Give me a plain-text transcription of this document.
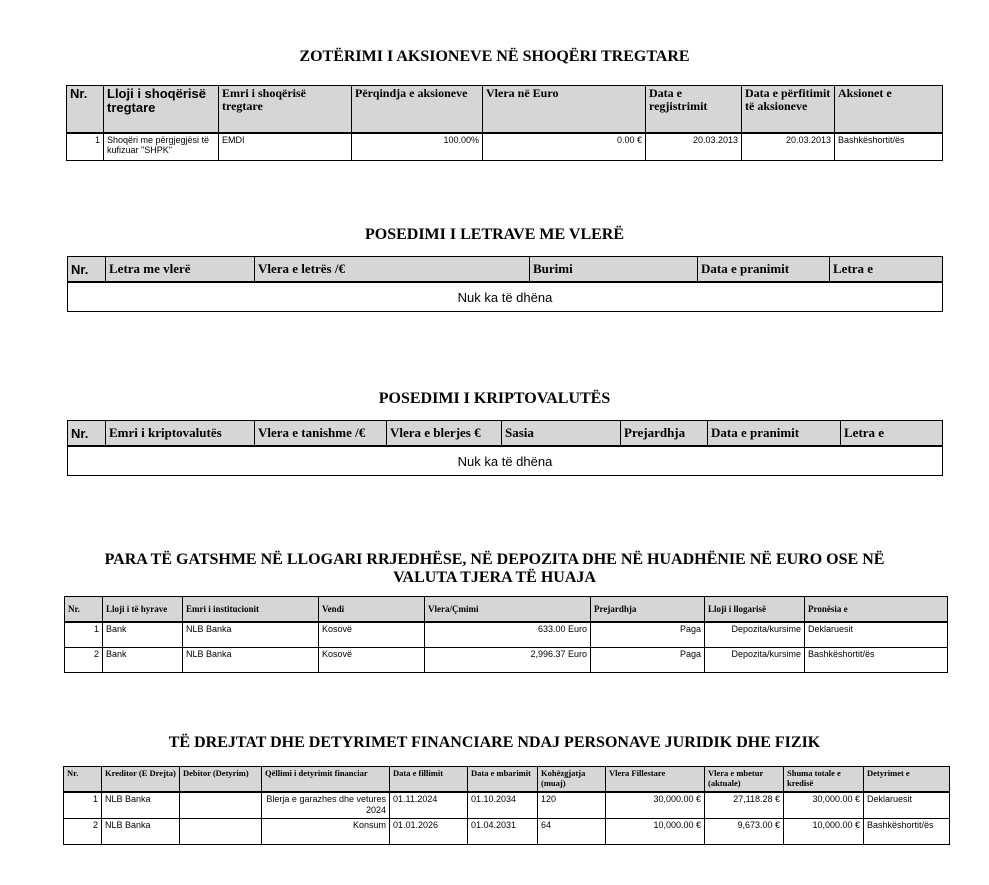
ZOTËRIMI I AKSIONEVE NË SHOQËRI TREGTARE
Nr.	Lloji i shoqërisë tregtare	Emri i shoqërisë tregtare	Përqindja e aksioneve	Vlera në Euro	Data e regjistrimit	Data e përfitimit të aksioneve	Aksionet e
1	Shoqëri me përgjegjësi të kufizuar "SHPK"	EMDI	100.00%	0.00 €	20.03.2013	20.03.2013	Bashkëshortit/ës
POSEDIMI I LETRAVE ME VLERË
Nr.	Letra me vlerë	Vlera e letrës /€	Burimi	Data e pranimit	Letra e
Nuk ka të dhëna
POSEDIMI I KRIPTOVALUTËS
Nr.	Emri i kriptovalutës	Vlera e tanishme /€	Vlera e blerjes €	Sasia	Prejardhja	Data e pranimit	Letra e
Nuk ka të dhëna
PARA TË GATSHME NË LLOGARI RRJEDHËSE, NË DEPOZITA DHE NË HUADHËNIE NË EURO OSE NË
VALUTA TJERA TË HUAJA
Nr.	Lloji i të hyrave	Emri i institucionit	Vendi	Vlera/Çmimi	Prejardhja	Lloji i llogarisë	Pronësia e
1	Bank	NLB Banka	Kosovë	633.00 Euro	Paga	Depozita/kursime	Deklaruesit
2	Bank	NLB Banka	Kosovë	2,996.37 Euro	Paga	Depozita/kursime	Bashkëshortit/ës
TË DREJTAT DHE DETYRIMET FINANCIARE NDAJ PERSONAVE JURIDIK DHE FIZIK
Nr.	Kreditor (E Drejta)	Debitor (Detyrim)	Qëllimi i detyrimit financiar	Data e fillimit	Data e mbarimit	Kohëzgjatja (muaj)	Vlera Fillestare	Vlera e mbetur (aktuale)	Shuma totale e kredisë	Detyrimet e
1	NLB Banka		Blerja e garazhes dhe vetures 2024	01.11.2024	01.10.2034	120	30,000.00 €	27,118.28 €	30,000.00 €	Deklaruesit
2	NLB Banka		Konsum	01.01.2026	01.04.2031	64	10,000.00 €	9,673.00 €	10,000.00 €	Bashkëshortit/ës
